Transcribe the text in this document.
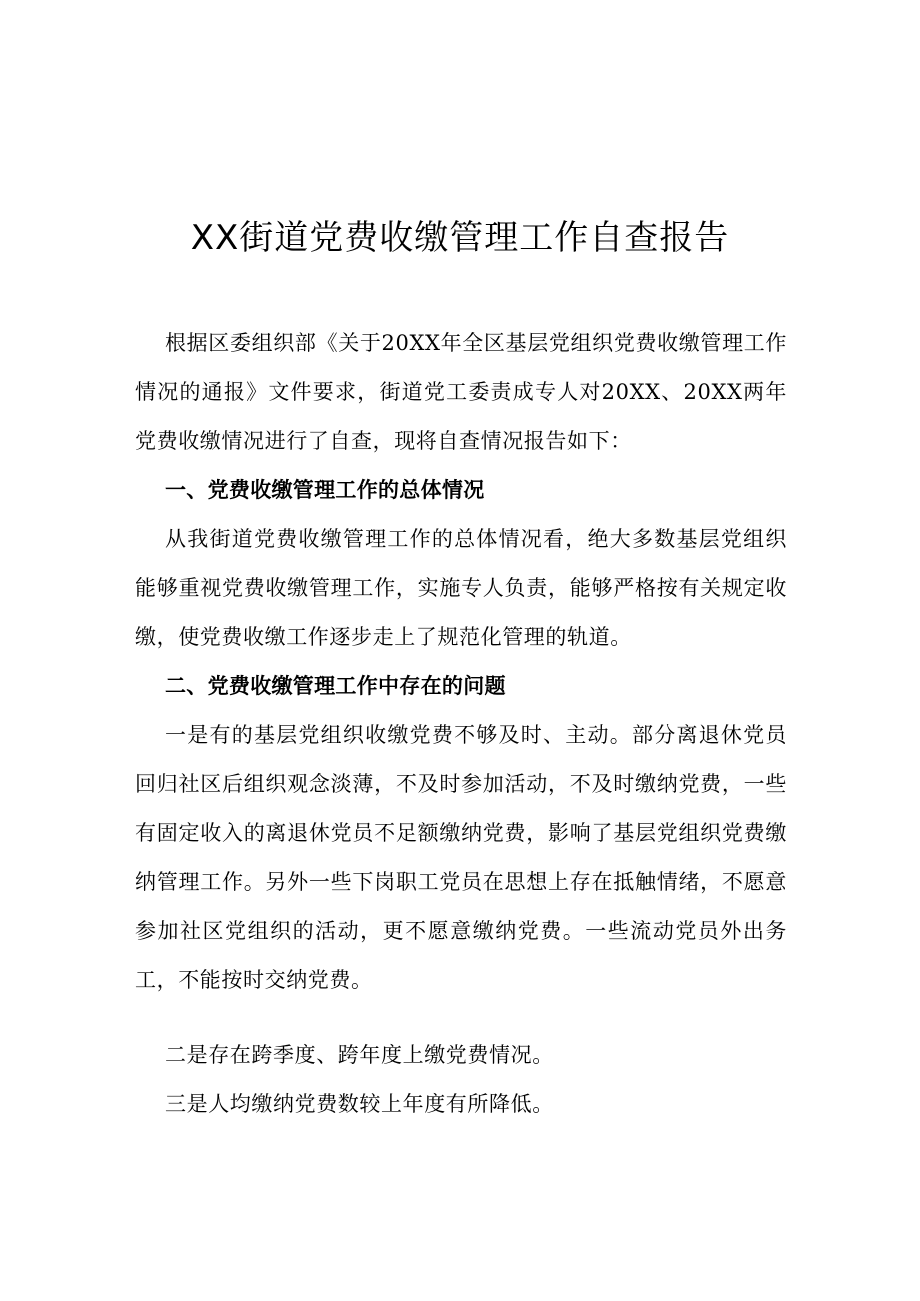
XX街道党费收缴管理工作自查报告

根据区委组织部《关于20XX年全区基层党组织党费收缴管理工作情况的通报》文件要求，街道党工委责成专人对20XX、20XX两年党费收缴情况进行了自查，现将自查情况报告如下：

一、党费收缴管理工作的总体情况

从我街道党费收缴管理工作的总体情况看，绝大多数基层党组织能够重视党费收缴管理工作，实施专人负责，能够严格按有关规定收缴，使党费收缴工作逐步走上了规范化管理的轨道。

二、党费收缴管理工作中存在的问题

一是有的基层党组织收缴党费不够及时、主动。部分离退休党员回归社区后组织观念淡薄，不及时参加活动，不及时缴纳党费，一些有固定收入的离退休党员不足额缴纳党费，影响了基层党组织党费缴纳管理工作。另外一些下岗职工党员在思想上存在抵触情绪，不愿意参加社区党组织的活动，更不愿意缴纳党费。一些流动党员外出务工，不能按时交纳党费。

二是存在跨季度、跨年度上缴党费情况。

三是人均缴纳党费数较上年度有所降低。
